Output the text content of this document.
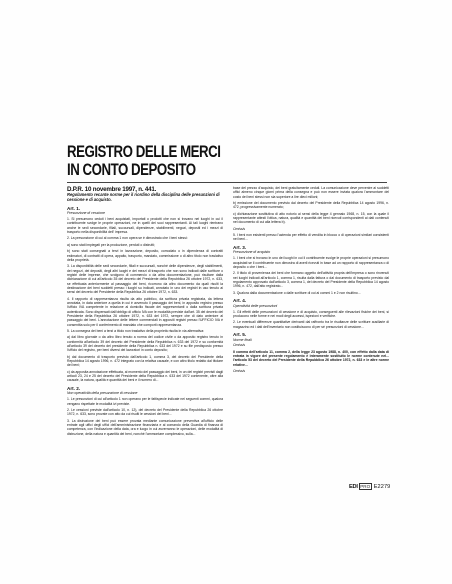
REGISTRO DELLE MERCI
IN CONTO DEPOSITO
D.P.R. 10 novembre 1997, n. 441.
Regolamento recante norme per il riordino della disciplina delle presunzioni di cessione e di acquisto.
Art. 1.
Presunzione di cessione
1. Si presumono ceduti i beni acquistati, importati o prodotti che non si trovano nei luoghi in cui il contribuente svolge le proprie operazioni, ne in quelli dei suoi rappresentanti. Ai tali luoghi rientrano anche le sedi secondarie, filiali, succursali, dipendenze, stabilimenti, negozi, depositi ed i mezzi di trasporto nella disponibilità dell' impresa.
2. La presunzione di cui al comma 1 non opera se è dimostrato che i beni stessi:
a) sono stati impiegati per la produzione, perduti o distrutti;
b) sono stati consegnati a terzi in lavorazione, deposito, comodato o in dipendenza di contratti estimatori, di contratti di opera, appalto, trasporto, mandato, commissione o di altro titolo non traslativo della proprietà.
3. La disponibilità delle sedi secondarie, filiali e succursali, nonché delle dipendenze, degli stabilimenti, dei negozi, dei depositi, degli altri luoghi e dei mezzi di trasporto che non sono indicati dalle scritture o registri delle imprese, che svolgono di commercio o da altra documentazione, può risultare dalla dichiarazione di cui all'articolo 35 del decreto del Presidente della Repubblica 26 ottobre 1972, n. 633, se effettuata anteriormente al passaggio dei beni, ricorrono da altro documento da quali risulti la destinazione dei beni suddetti presso i luoghi su indicati, annotato in uno dei registri in uso tenuto ai sensi del decreto del Presidente della Repubblica 26 ottobre 1972, n. 633.
4. Il rapporto di rappresentanza risulta da atto pubblico, da scrittura privata registrata, da lettera annotata, in data anteriore a quella in cui è avvenuto il passaggio dei beni, in apposito registro presso l'ufficio IVA competente in relazione al domicilio fiscale dei rappresentanti o dalla scrittura privata autenticata. Sono dispensati dall'obbligo di ufficio IVA con le modalità previste dall'art. 35 del decreto del Presidente della Repubblica 26 ottobre 1972, n. 633 del 1972, sempre che di dato anteriore al passaggio dei beni. L'annotazione delle lettere commerciali in appositi registri presso l'UFFICIO IVA è consentita solo per il conferimento di mandato che comporti rappresentanza.
5. La consegna dei beni a terzi a titolo non traslativo della proprietà risulta in via alternativa:
a) dal libro giornale o da altro libro tenuto a norma del codice civile o da apposito registro tenuto in conformità all'articolo 39 del decreto del Presidente della Repubblica n. 633 del 1972 e su conformità all'articolo 39 del decreto del presidente della Repubblica n. 633 del 1972 e su file predisposto presso l'ufficio del registro, per beni diversi dei lavoratori in conto deposito;
b) dal documento di trasporto previsto dall'articolo 1, comma 3, del decreto del Presidente della Repubblica 14 agosto 1996, n. 472 integrato con la relativa causale, e con altro titolo redatto dal titolare dei beni;
c) da apposita annotazione effettuata, al momento del passaggio dei beni, in un del registri previsti dagli articoli 23, 24 e 25 del decreto del Presidente della Repubblica n. 633 del 1972 contenente, oltre alla causale, la natura, qualità e quantità dei beni e il numero di...
Art. 2.
Non operatività della presunzione di cessione
1. Le presunzioni di cui all'articolo 1 non operano per le fattispecie indicate nei seguenti commi, qualora vengano rispettate le modalità ivi previste.
2. Le cessioni previste dall'articolo 10, n. 12), del decreto del Presidente della Repubblica 26 ottobre 1972, n. 633, sono provate con atto da cui risulti le cessioni dei beni...
3. La distruzione dei beni può essere provata mediante comunicazione preventiva all'ufficio delle entrate agli uffici degli uffici dell'amministrazione finanziaria e al comando della Guardia di finanza di competenza, con l'indicazione della data, ora e luogo in cui avverranno le operazioni, delle modalità di distruzione, della natura e quantità dei beni, nonché l'ammontare complessivo, sulla...
base del prezzo d'acquisto, dei beni gratuitamente ceduti. La comunicazione deve pervenire ai suddetti uffici almeno cinque giorni prima della consegna e può non essere inviata qualora l'ammontare del costo dei beni stessi non sia superiore a lire dieci milioni;
b) emissione del documento previsto dal decreto del Presidente della Repubblica 14 agosto 1996, n. 472, progressivamente numerato;
c) dichiarazione sostitutiva di atto notorio ai sensi della legge 4 gennaio 1968, n. 15, con la quale il rappresentante attesti l'ottica, natura, qualità e quantità dei beni ricevuti corrispondenti ai dati contenuti nel documento di cui alla lettera b).
Omissis
5. I beni non esistenti presso l'azienda per effetto di vendita in blocco o di operazioni similari consistenti nei beni...
Art. 3.
Presunzione di acquisto
1. I beni che si trovano in uno dei luoghi in cui il contribuente svolge le proprie operazioni si presumono acquistati se il contribuente non dimostra di averli ricevuti in base ad un rapporto di rappresentanza o di deposito o che i beni...
2. Il titolo di provenienza dei beni che formano oggetto dell'attività propria dell'impresa o sono rinvenuti nei luoghi indicati all'articolo 1, comma 1, risulta dalla fattura o dal documento di trasporto previsto dal regolamento approvato dall'articolo 3, comma 1, del decreto del Presidente della Repubblica 14 agosto 1996, n. 472, dall'atto registrato...
3. Qualora dalla documentazione o dalle scritture di cui ai commi 1 e 2 non risultino...
Art. 4.
Operatività delle presunzioni
1. Gli effetti delle presunzioni di cessione e di acquisto, conseguenti alle rilevazioni fisiche dei beni, si producono nelle forme e nei modi degli accessi, ispezioni e verifiche.
2. Le eventuali differenze quantitative derivanti dal raffronto tra le risultanze delle scritture ausiliarie di magazzino ed i dati dell'inventario non costituiscono di per sé presunzioni di cessione...
Art. 5.
Norme finali
Omissis
Il comma dell'articolo 11, comma 2, della legge 23 agosto 1988, n. 400, con effetto dalla data di entrata in vigore del presente regolamento è interamente sostituito le norme contenute nel... l'articolo 53 del decreto del Presidente della Repubblica 26 ottobre 1972, n. 633 e le altre norme relative...
Omissis
EDI PRO E2279
